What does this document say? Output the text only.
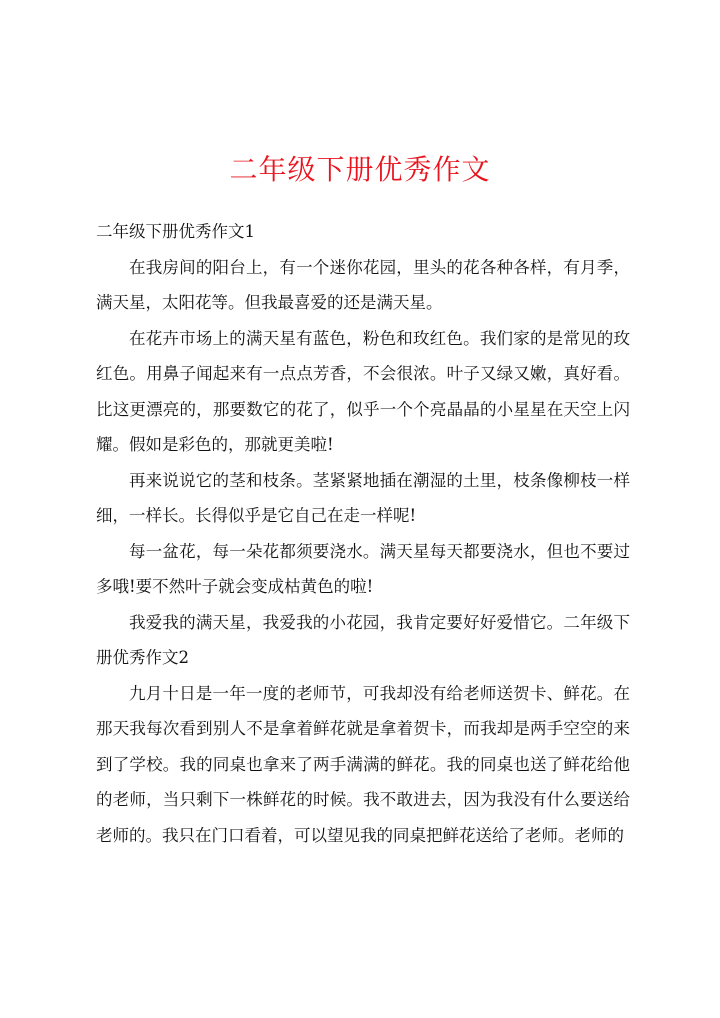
二年级下册优秀作文

二年级下册优秀作文1

在我房间的阳台上，有一个迷你花园，里头的花各种各样，有月季，满天星，太阳花等。但我最喜爱的还是满天星。

在花卉市场上的满天星有蓝色，粉色和玫红色。我们家的是常见的玫红色。用鼻子闻起来有一点点芳香，不会很浓。叶子又绿又嫩，真好看。比这更漂亮的，那要数它的花了，似乎一个个亮晶晶的小星星在天空上闪耀。假如是彩色的，那就更美啦!

再来说说它的茎和枝条。茎紧紧地插在潮湿的土里，枝条像柳枝一样细，一样长。长得似乎是它自己在走一样呢!

每一盆花，每一朵花都须要浇水。满天星每天都要浇水，但也不要过多哦!要不然叶子就会变成枯黄色的啦!

我爱我的满天星，我爱我的小花园，我肯定要好好爱惜它。二年级下册优秀作文2

九月十日是一年一度的老师节，可我却没有给老师送贺卡、鲜花。在那天我每次看到别人不是拿着鲜花就是拿着贺卡，而我却是两手空空的来到了学校。我的同桌也拿来了两手满满的鲜花。我的同桌也送了鲜花给他的老师，当只剩下一株鲜花的时候。我不敢进去，因为我没有什么要送给老师的。我只在门口看着，可以望见我的同桌把鲜花送给了老师。老师的
